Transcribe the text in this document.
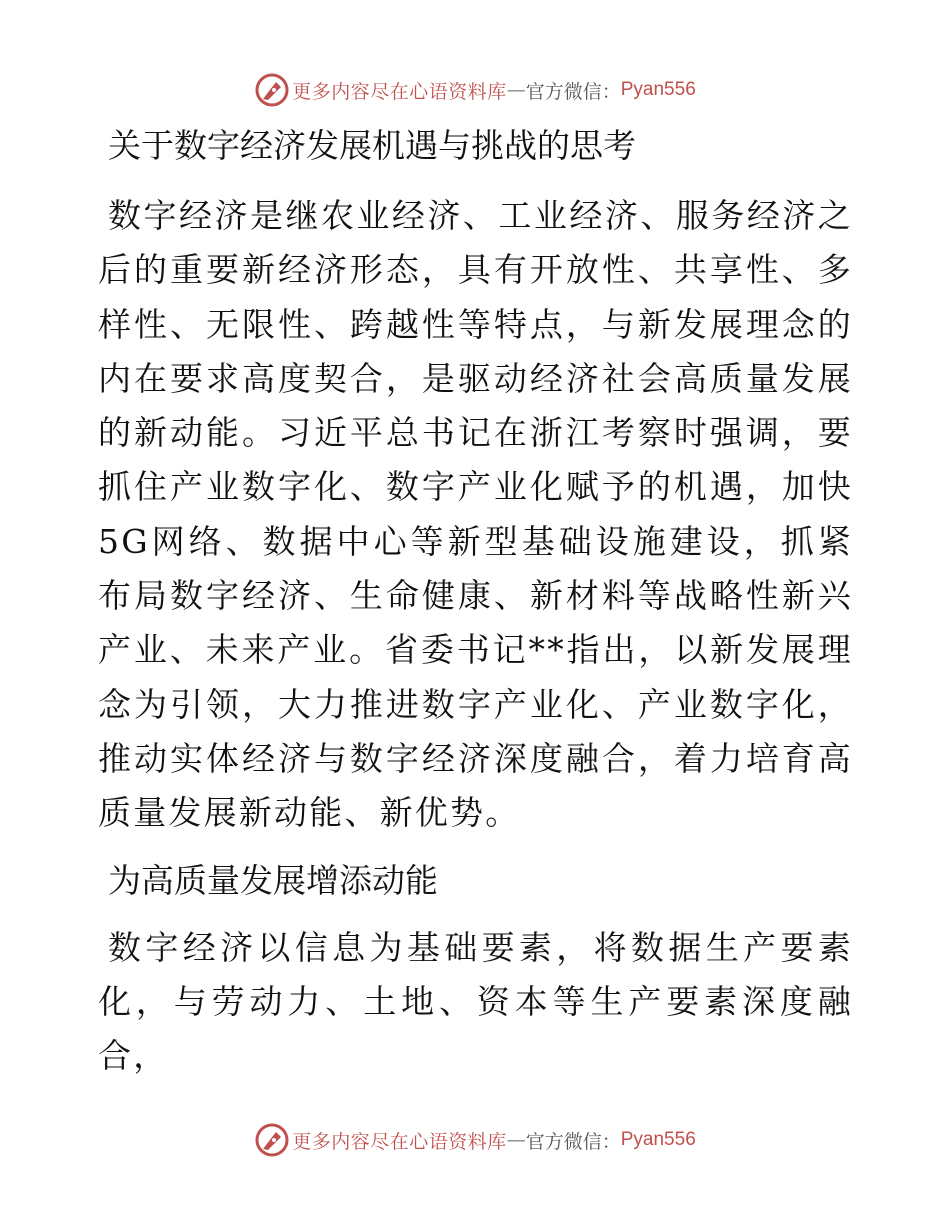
更多内容尽在心语资料库 — 官方微信： Pyan556
关于数字经济发展机遇与挑战的思考

数字经济是继农业经济、工业经济、服务经济之后的重要新经济形态，具有开放性、共享性、多样性、无限性、跨越性等特点，与新发展理念的内在要求高度契合，是驱动经济社会高质量发展的新动能。习近平总书记在浙江考察时强调，要抓住产业数字化、数字产业化赋予的机遇，加快5G网络、数据中心等新型基础设施建设，抓紧布局数字经济、生命健康、新材料等战略性新兴产业、未来产业。省委书记**指出，以新发展理念为引领，大力推进数字产业化、产业数字化，推动实体经济与数字经济深度融合，着力培育高质量发展新动能、新优势。

为高质量发展增添动能

数字经济以信息为基础要素，将数据生产要素化，与劳动力、土地、资本等生产要素深度融合，

更多内容尽在心语资料库 — 官方微信： Pyan556
